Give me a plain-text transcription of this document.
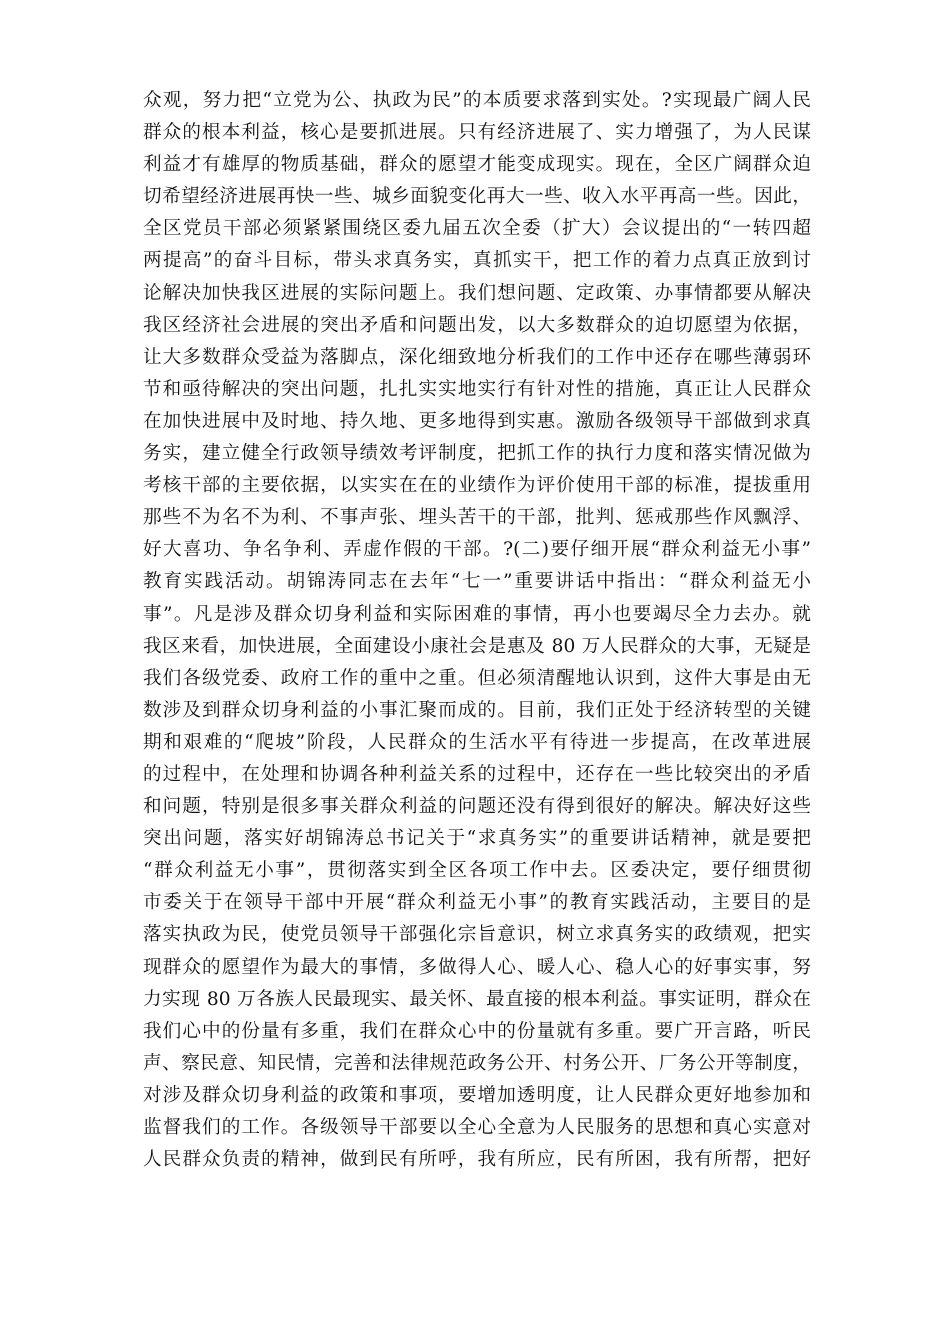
众观，努力把“立党为公、执政为民”的本质要求落到实处。?实现最广阔人民
群众的根本利益，核心是要抓进展。只有经济进展了、实力增强了，为人民谋
利益才有雄厚的物质基础，群众的愿望才能变成现实。现在，全区广阔群众迫
切希望经济进展再快一些、城乡面貌变化再大一些、收入水平再高一些。因此，
全区党员干部必须紧紧围绕区委九届五次全委（扩大）会议提出的“一转四超
两提高”的奋斗目标，带头求真务实，真抓实干，把工作的着力点真正放到讨
论解决加快我区进展的实际问题上。我们想问题、定政策、办事情都要从解决
我区经济社会进展的突出矛盾和问题出发，以大多数群众的迫切愿望为依据，
让大多数群众受益为落脚点，深化细致地分析我们的工作中还存在哪些薄弱环
节和亟待解决的突出问题，扎扎实实地实行有针对性的措施，真正让人民群众
在加快进展中及时地、持久地、更多地得到实惠。激励各级领导干部做到求真
务实，建立健全行政领导绩效考评制度，把抓工作的执行力度和落实情况做为
考核干部的主要依据，以实实在在的业绩作为评价使用干部的标准，提拔重用
那些不为名不为利、不事声张、埋头苦干的干部，批判、惩戒那些作风飘浮、
好大喜功、争名争利、弄虚作假的干部。?(二)要仔细开展“群众利益无小事”
教育实践活动。胡锦涛同志在去年“七一”重要讲话中指出：“群众利益无小
事”。凡是涉及群众切身利益和实际困难的事情，再小也要竭尽全力去办。就
我区来看，加快进展，全面建设小康社会是惠及 80 万人民群众的大事，无疑是
我们各级党委、政府工作的重中之重。但必须清醒地认识到，这件大事是由无
数涉及到群众切身利益的小事汇聚而成的。目前，我们正处于经济转型的关键
期和艰难的“爬坡”阶段，人民群众的生活水平有待进一步提高，在改革进展
的过程中，在处理和协调各种利益关系的过程中，还存在一些比较突出的矛盾
和问题，特别是很多事关群众利益的问题还没有得到很好的解决。解决好这些
突出问题，落实好胡锦涛总书记关于“求真务实”的重要讲话精神，就是要把
“群众利益无小事”，贯彻落实到全区各项工作中去。区委决定，要仔细贯彻
市委关于在领导干部中开展“群众利益无小事”的教育实践活动，主要目的是
落实执政为民，使党员领导干部强化宗旨意识，树立求真务实的政绩观，把实
现群众的愿望作为最大的事情，多做得人心、暖人心、稳人心的好事实事，努
力实现 80 万各族人民最现实、最关怀、最直接的根本利益。事实证明，群众在
我们心中的份量有多重，我们在群众心中的份量就有多重。要广开言路，听民
声、察民意、知民情，完善和法律规范政务公开、村务公开、厂务公开等制度，
对涉及群众切身利益的政策和事项，要增加透明度，让人民群众更好地参加和
监督我们的工作。各级领导干部要以全心全意为人民服务的思想和真心实意对
人民群众负责的精神，做到民有所呼，我有所应，民有所困，我有所帮，把好
